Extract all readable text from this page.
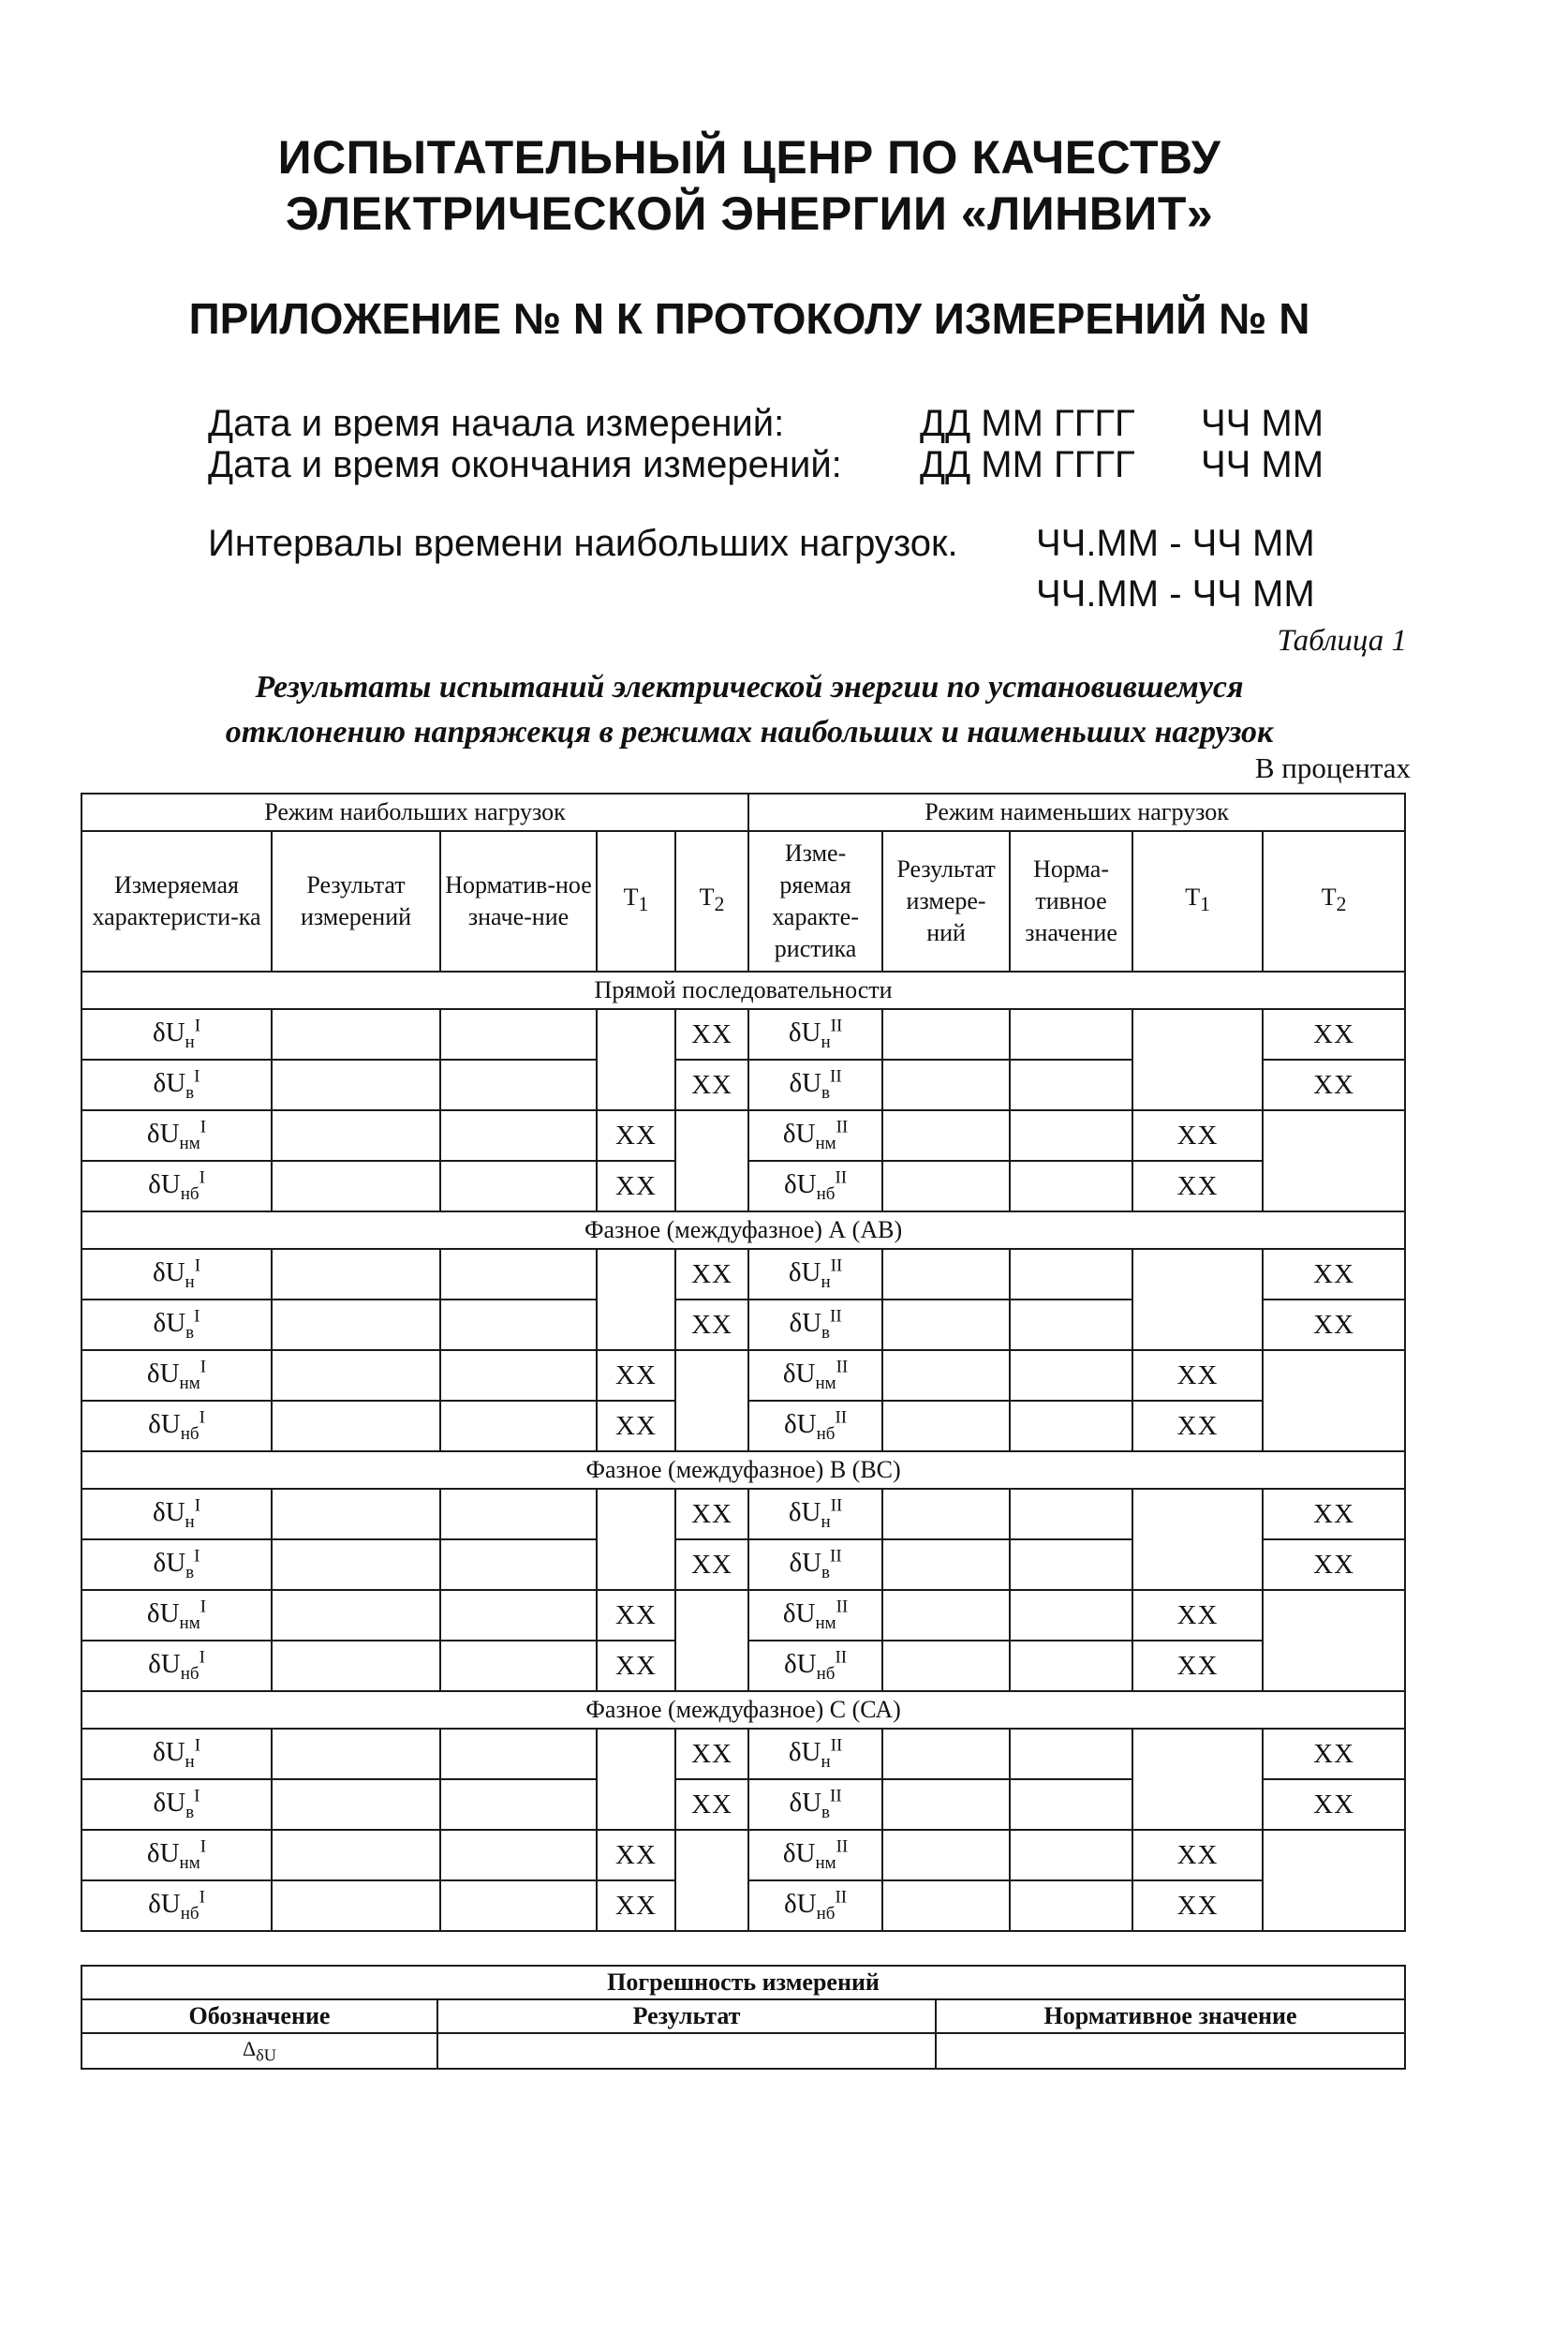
ИСПЫТАТЕЛЬНЫЙ ЦЕНР ПО КАЧЕСТВУ
ЭЛЕКТРИЧЕСКОЙ ЭНЕРГИИ «ЛИНВИТ»
ПРИЛОЖЕНИЕ № N К ПРОТОКОЛУ ИЗМЕРЕНИЙ № N
Дата и время начала измерений:	ДД ММ ГГГГ ЧЧ ММ
Дата и время окончания измерений: ДД ММ ГГГГ ЧЧ ММ
Интервалы времени наибольших нагрузок. ЧЧ.ММ - ЧЧ ММ
ЧЧ.ММ - ЧЧ ММ
Таблица 1
Результаты испытаний электрической энергии по установившемуся
отклонению напряжекця в режимах наибольших и наименьших нагрузок
В процентах
Режим наибольших нагрузок					Режим наименьших нагрузок				
Измеряемая характеристи-ка	Результат измерений	Норматив-ное значе-ние	$Т_1$	$Т_2$	Изме-ряемая характе-ристика	Результат измере-ний	Норма-тивное значение	$Т_1$	$Т_2$
Прямой последовательности									
$\delta U_н^I$				ХХ	$\delta U_н^{II}$				ХХ
$\delta U_в^I$				ХХ	$\delta U_в^{II}$				ХХ
$\delta U_{нм}^I$			ХХ		$\delta U_{нм}^{II}$			ХХ	
$\delta U_{нб}^I$			ХХ		$\delta U_{нб}^{II}$			ХХ	
Фазное (междуфазное) А (АВ)									
$\delta U_н^I$				ХХ	$\delta U_н^{II}$				ХХ
$\delta U_в^I$				ХХ	$\delta U_в^{II}$				ХХ
$\delta U_{нм}^I$			ХХ		$\delta U_{нм}^{II}$			ХХ	
$\delta U_{нб}^I$			ХХ		$\delta U_{нб}^{II}$			ХХ	
Фазное (междуфазное) В (ВС)									
$\delta U_н^I$				ХХ	$\delta U_н^{II}$				ХХ
$\delta U_в^I$				ХХ	$\delta U_в^{II}$				ХХ
$\delta U_{нм}^I$			ХХ		$\delta U_{нм}^{II}$			ХХ	
$\delta U_{нб}^I$			ХХ		$\delta U_{нб}^{II}$			ХХ	
Фазное (междуфазное) С (СА)									
$\delta U_н^I$				ХХ	$\delta U_н^{II}$				ХХ
$\delta U_в^I$				ХХ	$\delta U_в^{II}$				ХХ
$\delta U_{нм}^I$			ХХ		$\delta U_{нм}^{II}$			ХХ	
$\delta U_{нб}^I$			ХХ		$\delta U_{нб}^{II}$			ХХ	
Погрешность измерений		
Обозначение	Результат	Нормативное значение
$\Delta_{\delta U}$		
